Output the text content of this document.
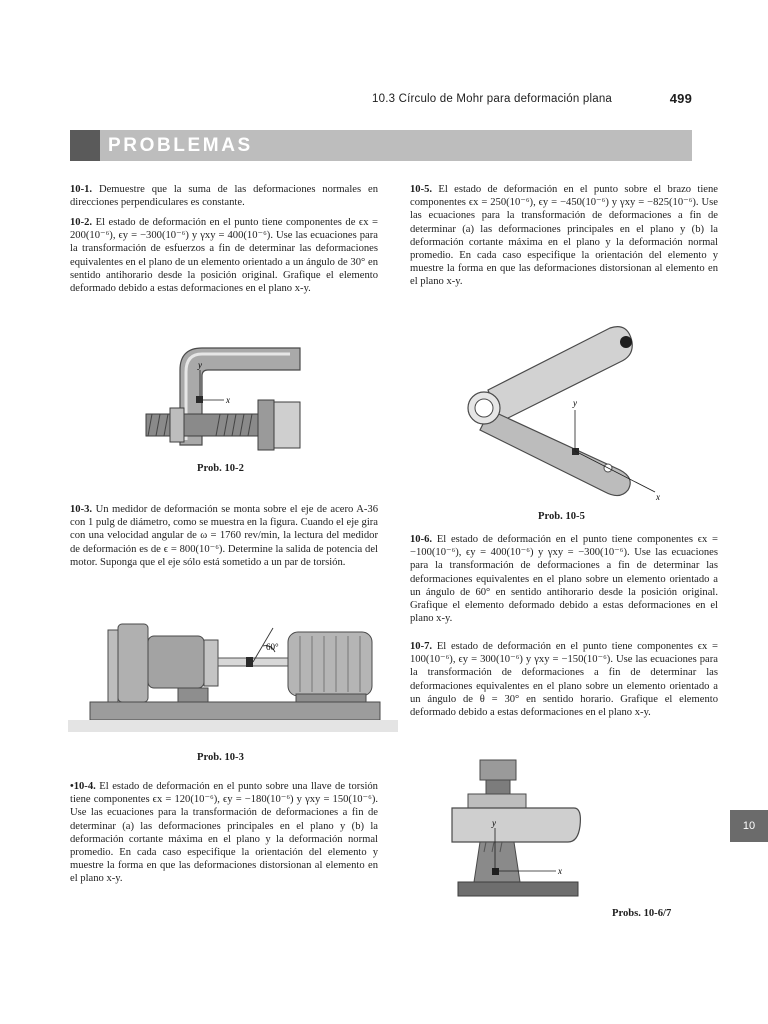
10.3 Círculo de Mohr para deformación plana	499
PROBLEMAS
10-1. Demuestre que la suma de las deformaciones normales en direcciones perpendiculares es constante.
10-2. El estado de deformación en el punto tiene componentes de ϵx = 200(10⁻⁶), ϵy = −300(10⁻⁶) y γxy = 400(10⁻⁶). Use las ecuaciones para la transformación de esfuerzos a fin de determinar las deformaciones equivalentes en el plano de un elemento orientado a un ángulo de 30° en sentido antihorario desde la posición original. Grafique el elemento deformado debido a estas deformaciones en el plano x-y.
y
x
Prob. 10-2
10-3. Un medidor de deformación se monta sobre el eje de acero A-36 con 1 pulg de diámetro, como se muestra en la figura. Cuando el eje gira con una velocidad angular de ω = 1760 rev/min, la lectura del medidor de deformación es de ϵ = 800(10⁻⁶). Determine la salida de potencia del motor. Suponga que el eje sólo está sometido a un par de torsión.
60°
Prob. 10-3
•10-4. El estado de deformación en el punto sobre una llave de torsión tiene componentes ϵx = 120(10⁻⁶), ϵy = −180(10⁻⁶) y γxy = 150(10⁻⁶). Use las ecuaciones para la transformación de deformaciones a fin de determinar (a) las deformaciones principales en el plano y (b) la deformación cortante máxima en el plano y la deformación normal promedio. En cada caso especifique la orientación del elemento y muestre la forma en que las deformaciones distorsionan al elemento en el plano x-y.
10-5. El estado de deformación en el punto sobre el brazo tiene componentes ϵx = 250(10⁻⁶), ϵy = −450(10⁻⁶) y γxy = −825(10⁻⁶). Use las ecuaciones para la transformación de deformaciones a fin de determinar (a) las deformaciones principales en el plano y (b) la deformación cortante máxima en el plano y la deformación normal promedio. En cada caso especifique la orientación del elemento y muestre la forma en que las deformaciones distorsionan al elemento en el plano x-y.
y
x
Prob. 10-5
10-6. El estado de deformación en el punto tiene componentes ϵx = −100(10⁻⁶), ϵy = 400(10⁻⁶) y γxy = −300(10⁻⁶). Use las ecuaciones para la transformación de deformaciones a fin de determinar las deformaciones equivalentes en el plano sobre un elemento orientado a un ángulo de 60° en sentido antihorario desde la posición original. Grafique el elemento deformado debido a estas deformaciones en el plano x-y.
10-7. El estado de deformación en el punto tiene componentes ϵx = 100(10⁻⁶), ϵy = 300(10⁻⁶) y γxy = −150(10⁻⁶). Use las ecuaciones para la transformación de deformaciones a fin de determinar las deformaciones equivalentes en el plano sobre un elemento orientado a un ángulo de θ = 30° en sentido horario. Grafique el elemento deformado debido a estas deformaciones en el plano x-y.
y
x
Probs. 10-6/7
10
